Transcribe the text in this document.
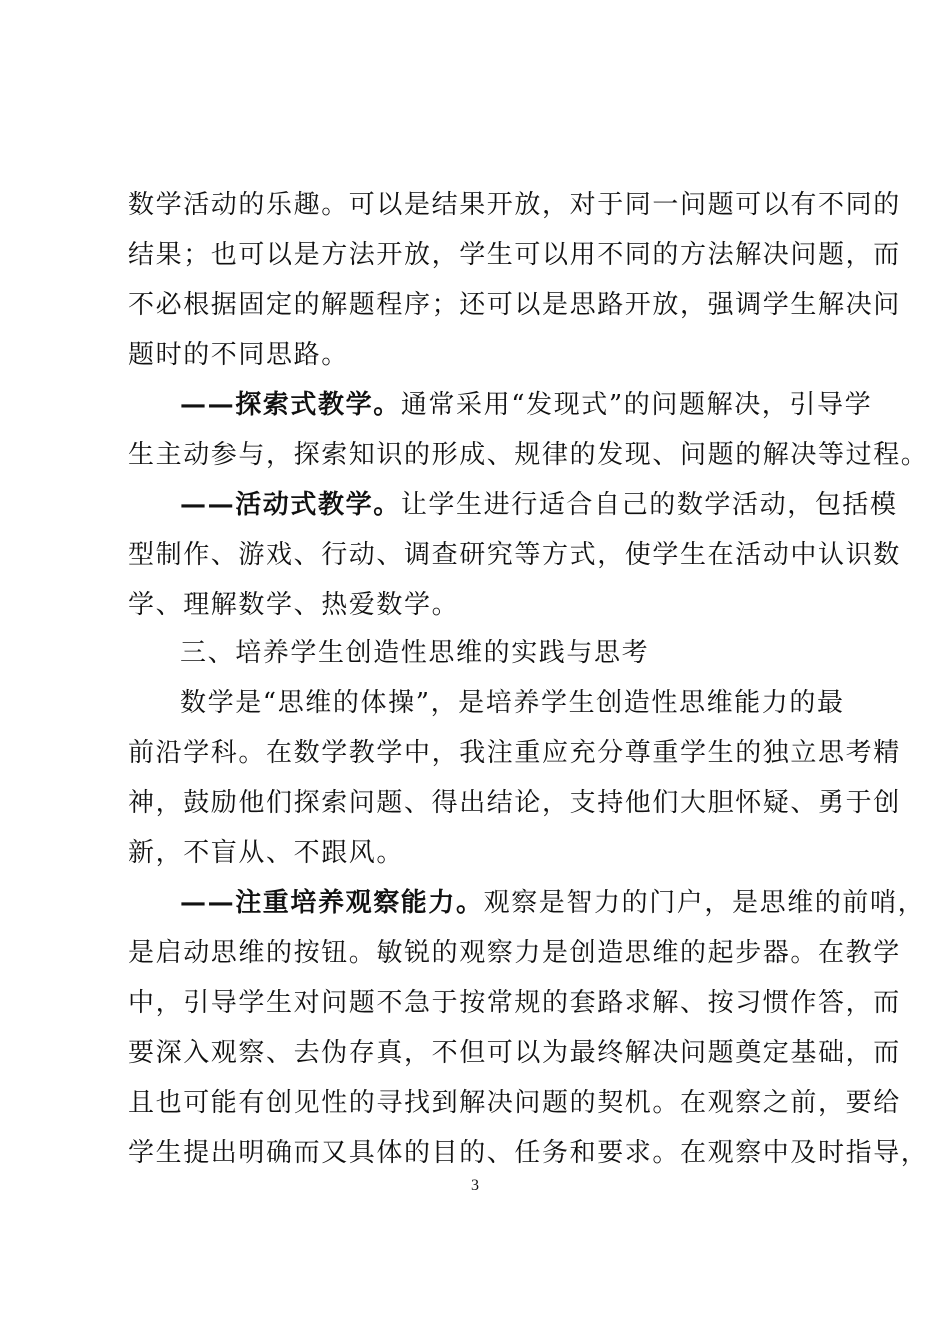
数学活动的乐趣。可以是结果开放，对于同一问题可以有不同的
结果；也可以是方法开放，学生可以用不同的方法解决问题，而
不必根据固定的解题程序；还可以是思路开放，强调学生解决问
题时的不同思路。
——探索式教学。通常采用“发现式”的问题解决，引导学
生主动参与，探索知识的形成、规律的发现、问题的解决等过程。
——活动式教学。让学生进行适合自己的数学活动，包括模
型制作、游戏、行动、调查研究等方式，使学生在活动中认识数
学、理解数学、热爱数学。
三、培养学生创造性思维的实践与思考
数学是“思维的体操”，是培养学生创造性思维能力的最
前沿学科。在数学教学中，我注重应充分尊重学生的独立思考精
神，鼓励他们探索问题、得出结论，支持他们大胆怀疑、勇于创
新，不盲从、不跟风。
——注重培养观察能力。观察是智力的门户，是思维的前哨，
是启动思维的按钮。敏锐的观察力是创造思维的起步器。在教学
中，引导学生对问题不急于按常规的套路求解、按习惯作答，而
要深入观察、去伪存真，不但可以为最终解决问题奠定基础，而
且也可能有创见性的寻找到解决问题的契机。在观察之前，要给
学生提出明确而又具体的目的、任务和要求。在观察中及时指导，
3
